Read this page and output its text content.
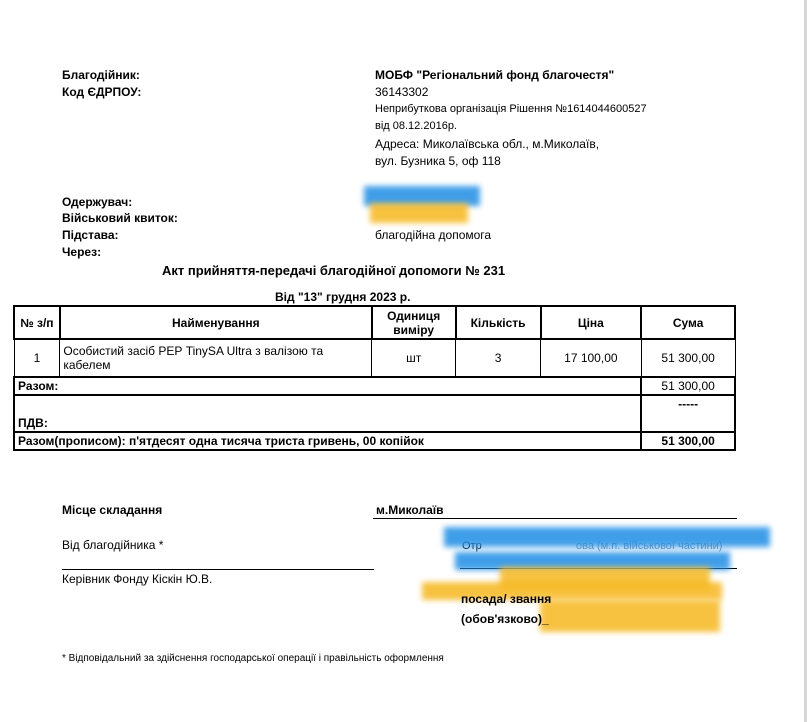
Благодійник:	МОБФ "Регіональний фонд благочестя"
Код ЄДРПОУ:	36143302
Неприбуткова організація Рішення №1614044600527
від 08.12.2016р.
Адреса: Миколаївська обл., м.Миколаїв,
вул. Бузника 5, оф 118
Одержувач:
Військовий квиток:
Підстава:	благодійна допомога
Через:
Акт прийняття-передачі благодійної допомоги № 231
Від "13" грудня 2023 р.
№ з/п	Найменування	Одиниця виміру	Кількість	Ціна	Сума
1	Особистий засіб РЕР TinySA Ultra з валізою та кабелем	шт	3	17 100,00	51 300,00
Разом:					51 300,00
ПДВ:					-----
Разом(прописом): п'ятдесят одна тисяча триста гривень, 00 копійок					51 300,00
Місце складання	м.Миколаїв
Від благодійника *
Керівник Фонду Кіскін Ю.В.
посада/ звання
(обов'язково)_
* Відповідальний за здійснення господарської операції і правільність оформлення
